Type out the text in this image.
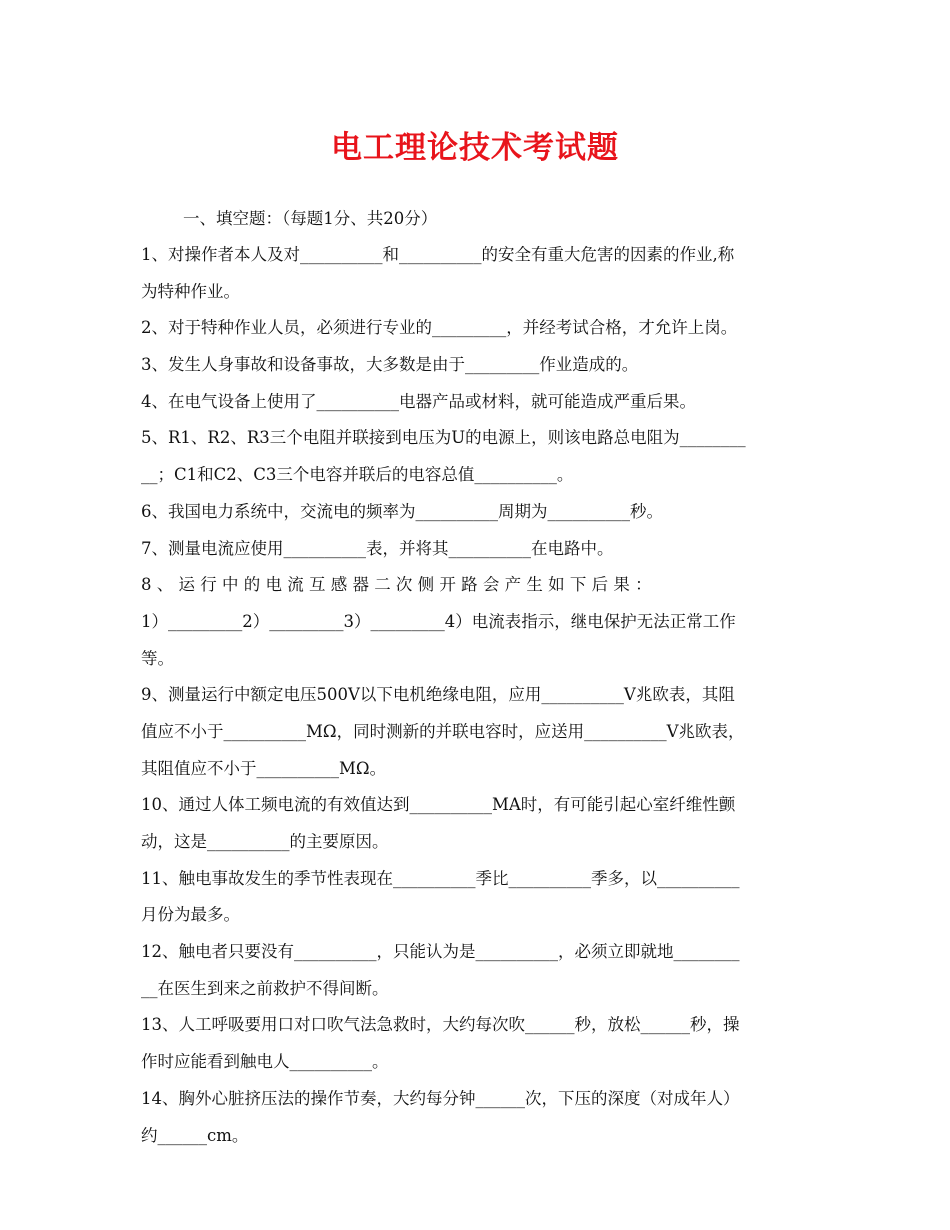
电工理论技术考试题
一、填空题：（每题1分、共20分）
1、对操作者本人及对__________和__________的安全有重大危害的因素的作业,称
为特种作业。
2、对于特种作业人员，必须进行专业的_________，并经考试合格，才允许上岗。
3、发生人身事故和设备事故，大多数是由于_________作业造成的。
4、在电气设备上使用了__________电器产品或材料，就可能造成严重后果。
5、R1、R2、R3三个电阻并联接到电压为U的电源上，则该电路总电阻为________
__；C1和C2、C3三个电容并联后的电容总值__________。
6、我国电力系统中，交流电的频率为__________周期为__________秒。
7、测量电流应使用__________表，并将其__________在电路中。
8 、 运 行 中 的 电 流 互 感 器 二 次 侧 开 路 会 产 生 如 下 后 果 ：
1）_________2）_________3）_________4）电流表指示，继电保护无法正常工作
等。
9、测量运行中额定电压500V以下电机绝缘电阻，应用__________V兆欧表，其阻
值应不小于__________MΩ，同时测新的并联电容时，应送用__________V兆欧表，
其阻值应不小于__________MΩ。
10、通过人体工频电流的有效值达到__________MA时，有可能引起心室纤维性颤
动，这是__________的主要原因。
11、触电事故发生的季节性表现在__________季比__________季多，以__________
月份为最多。
12、触电者只要没有__________，只能认为是__________，必须立即就地________
__在医生到来之前救护不得间断。
13、人工呼吸要用口对口吹气法急救时，大约每次吹______秒，放松______秒，操
作时应能看到触电人__________。
14、胸外心脏挤压法的操作节奏，大约每分钟______次，下压的深度（对成年人）
约______cm。
